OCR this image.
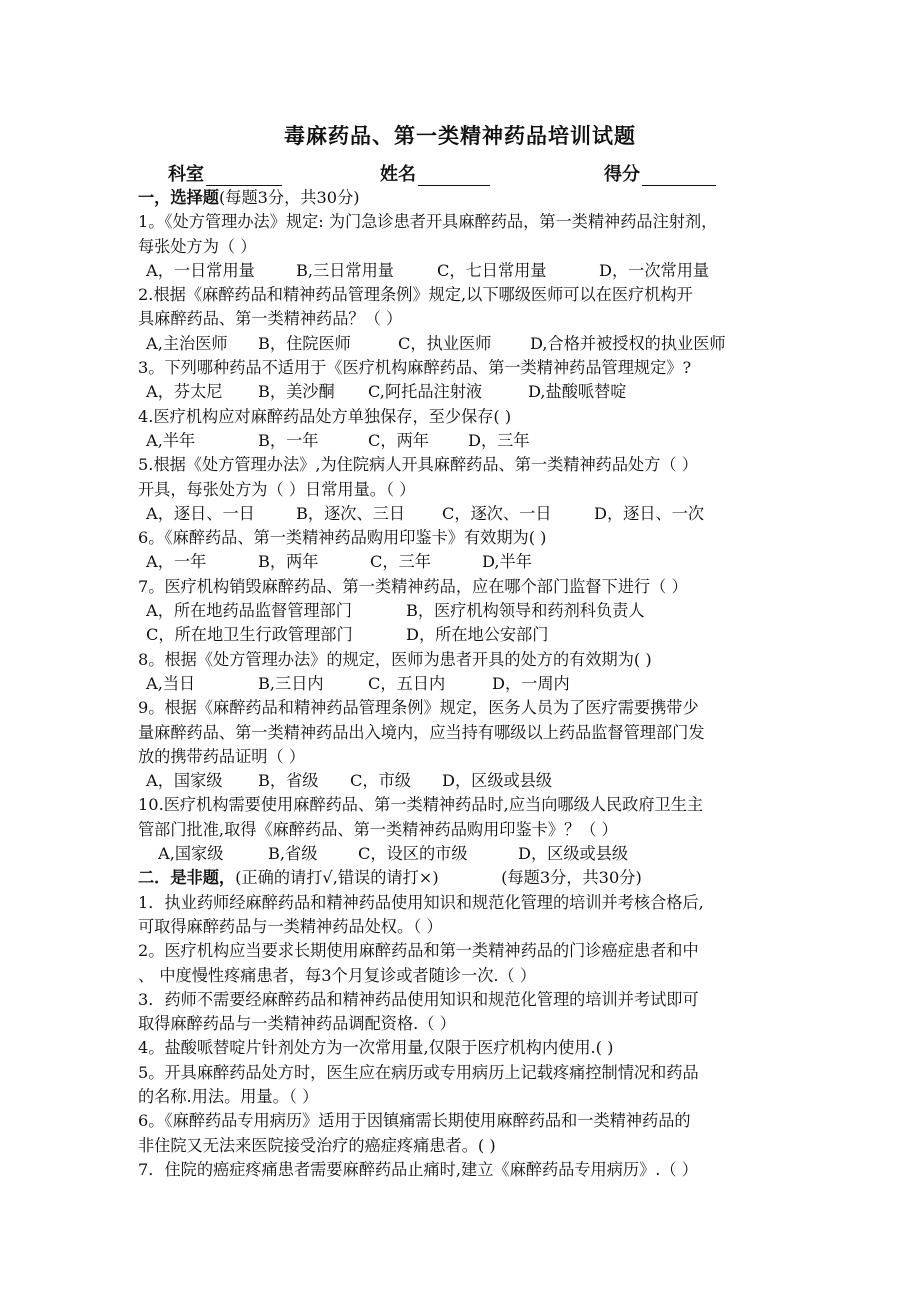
毒麻药品、第一类精神药品培训试题
科室	姓名	得分
一，选择题(每题3分，共30分)
1。《处方管理办法》规定: 为门急诊患者开具麻醉药品，第一类精神药品注射剂，
每张处方为（ ）
A，一日常用量	B,三日常用量	C，七日常用量	D，一次常用量
2.根据《麻醉药品和精神药品管理条例》规定,以下哪级医师可以在医疗机构开
具麻醉药品、第一类精神药品？（ ）
A,主治医师 B，住院医师	C，执业医师 D,合格并被授权的执业医师
3。下列哪种药品不适用于《医疗机构麻醉药品、第一类精神药品管理规定》?
A，芬太尼 B，美沙酮 C,阿托品注射液	D,盐酸哌替啶
4.医疗机构应对麻醉药品处方单独保存，至少保存( )
A,半年	B，一年	C，两年 D，三年
5.根据《处方管理办法》,为住院病人开具麻醉药品、第一类精神药品处方（ ）
开具，每张处方为（ ）日常用量。（ ）
A，逐日、一日	B，逐次、三日 C，逐次、一日	D，逐日、一次
6。《麻醉药品、第一类精神药品购用印鉴卡》有效期为( )
A，一年	B，两年	C，三年	D,半年
7。医疗机构销毁麻醉药品、第一类精神药品，应在哪个部门监督下进行（ ）
A，所在地药品监督管理部门	B，医疗机构领导和药剂科负责人
C，所在地卫生行政管理部门	D，所在地公安部门
8。根据《处方管理办法》的规定，医师为患者开具的处方的有效期为( )
A,当日	B,三日内	C，五日内	D，一周内
9。根据《麻醉药品和精神药品管理条例》规定，医务人员为了医疗需要携带少
量麻醉药品、第一类精神药品出入境内，应当持有哪级以上药品监督管理部门发
放的携带药品证明（ ）
A，国家级 B，省级 C，市级 D，区级或县级
10.医疗机构需要使用麻醉药品、第一类精神药品时,应当向哪级人民政府卫生主
管部门批准,取得《麻醉药品、第一类精神药品购用印鉴卡》？（ ）
A,国家级	B,省级	C，设区的市级	D，区级或县级
二．是非题，(正确的请打√,错误的请打×)	(每题3分，共30分)
1．执业药师经麻醉药品和精神药品使用知识和规范化管理的培训并考核合格后,
可取得麻醉药品与一类精神药品处权。（ ）
2。医疗机构应当要求长期使用麻醉药品和第一类精神药品的门诊癌症患者和中
、 中度慢性疼痛患者，每3个月复诊或者随诊一次.（ ）
3．药师不需要经麻醉药品和精神药品使用知识和规范化管理的培训并考试即可
取得麻醉药品与一类精神药品调配资格.（ ）
4。盐酸哌替啶片针剂处方为一次常用量,仅限于医疗机构内使用.( )
5。开具麻醉药品处方时，医生应在病历或专用病历上记载疼痛控制情况和药品
的名称.用法。用量。（ ）
6。《麻醉药品专用病历》适用于因镇痛需长期使用麻醉药品和一类精神药品的
非住院又无法来医院接受治疗的癌症疼痛患者。( )
7．住院的癌症疼痛患者需要麻醉药品止痛时,建立《麻醉药品专用病历》.（ ）
